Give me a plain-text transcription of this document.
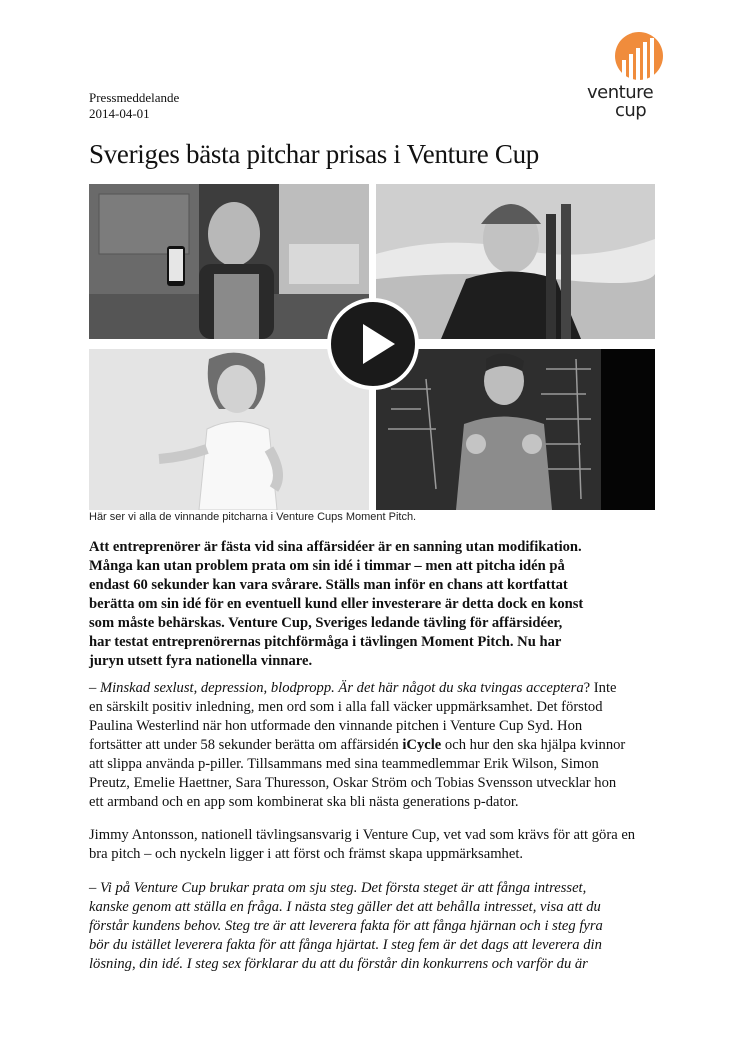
Pressmeddelande
2014-04-01
venture
cup
Sveriges bästa pitchar prisas i Venture Cup
Här ser vi alla de vinnande pitcharna i Venture Cups Moment Pitch.
Att entreprenörer är fästa vid sina affärsidéer är en sanning utan modifikation.
Många kan utan problem prata om sin idé i timmar – men att pitcha idén på
endast 60 sekunder kan vara svårare. Ställs man inför en chans att kortfattat
berätta om sin idé för en eventuell kund eller investerare är detta dock en konst
som måste behärskas. Venture Cup, Sveriges ledande tävling för affärsidéer,
har testat entreprenörernas pitchförmåga i tävlingen Moment Pitch. Nu har
juryn utsett fyra nationella vinnare.
– Minskad sexlust, depression, blodpropp. Är det här något du ska tvingas acceptera? Inte
en särskilt positiv inledning, men ord som i alla fall väcker uppmärksamhet. Det förstod
Paulina Westerlind när hon utformade den vinnande pitchen i Venture Cup Syd. Hon
fortsätter att under 58 sekunder berätta om affärsidén iCycle och hur den ska hjälpa kvinnor
att slippa använda p-piller. Tillsammans med sina teammedlemmar Erik Wilson, Simon
Preutz, Emelie Haettner, Sara Thuresson, Oskar Ström och Tobias Svensson utvecklar hon
ett armband och en app som kombinerat ska bli nästa generations p-dator.
Jimmy Antonsson, nationell tävlingsansvarig i Venture Cup, vet vad som krävs för att göra en
bra pitch – och nyckeln ligger i att först och främst skapa uppmärksamhet.
– Vi på Venture Cup brukar prata om sju steg. Det första steget är att fånga intresset,
kanske genom att ställa en fråga. I nästa steg gäller det att behålla intresset, visa att du
förstår kundens behov. Steg tre är att leverera fakta för att fånga hjärnan och i steg fyra
bör du istället leverera fakta för att fånga hjärtat. I steg fem är det dags att leverera din
lösning, din idé. I steg sex förklarar du att du förstår din konkurrens och varför du är
